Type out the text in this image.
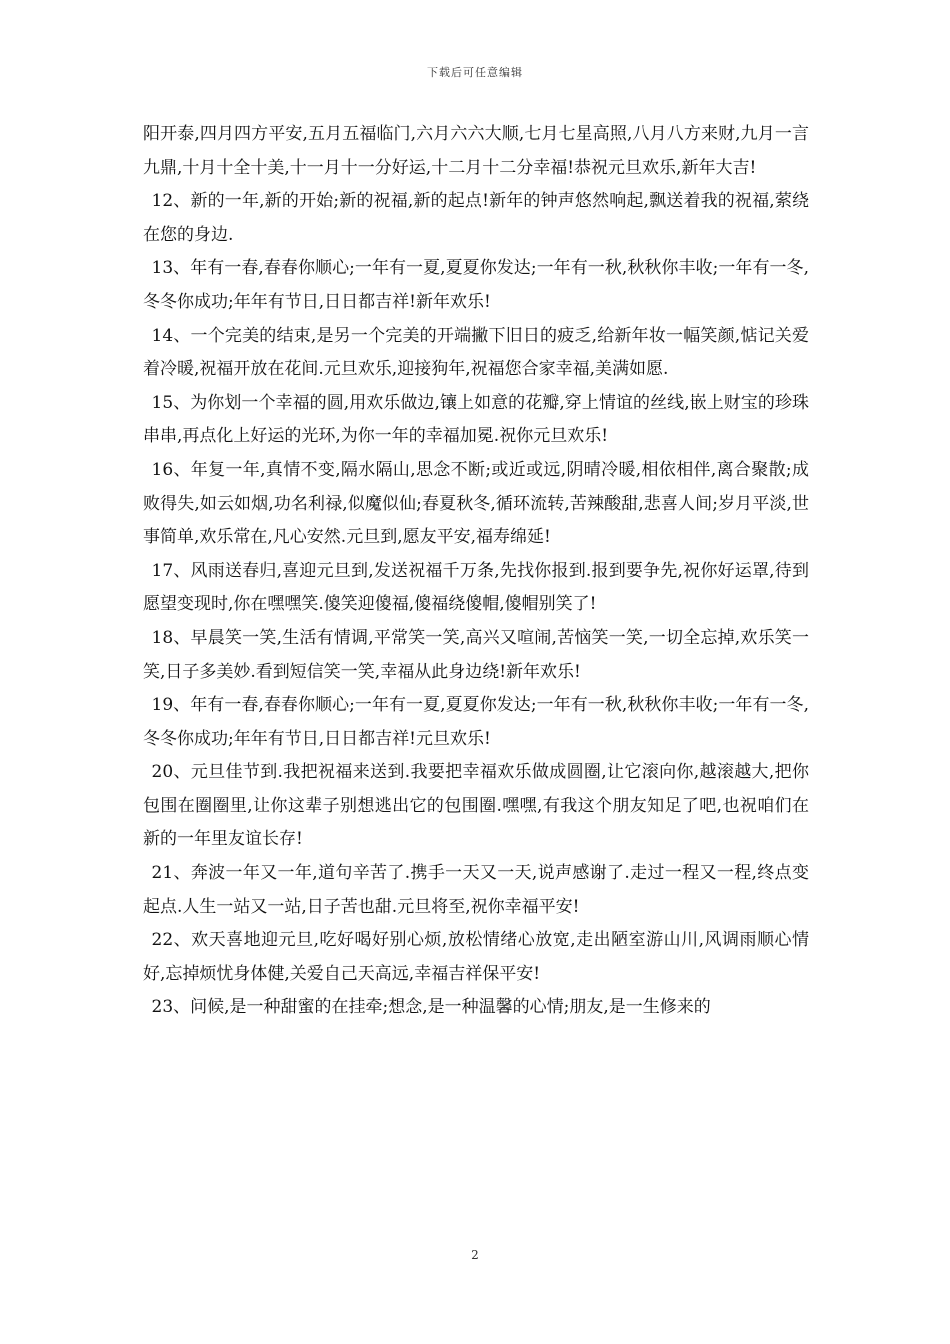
下载后可任意编辑

阳开泰,四月四方平安,五月五福临门,六月六六大顺,七月七星高照,八月八方来财,九月一言九鼎,十月十全十美,十一月十一分好运,十二月十二分幸福!恭祝元旦欢乐,新年大吉!

12、新的一年,新的开始;新的祝福,新的起点!新年的钟声悠然响起,飘送着我的祝福,萦绕在您的身边.

13、年有一春,春春你顺心;一年有一夏,夏夏你发达;一年有一秋,秋秋你丰收;一年有一冬,冬冬你成功;年年有节日,日日都吉祥!新年欢乐!

14、一个完美的结束,是另一个完美的开端撇下旧日的疲乏,给新年妆一幅笑颜,惦记关爱着冷暖,祝福开放在花间.元旦欢乐,迎接狗年,祝福您合家幸福,美满如愿.

15、为你划一个幸福的圆,用欢乐做边,镶上如意的花瓣,穿上情谊的丝线,嵌上财宝的珍珠串串,再点化上好运的光环,为你一年的幸福加冕.祝你元旦欢乐!

16、年复一年,真情不变,隔水隔山,思念不断;或近或远,阴晴冷暖,相依相伴,离合聚散;成败得失,如云如烟,功名利禄,似魔似仙;春夏秋冬,循环流转,苦辣酸甜,悲喜人间;岁月平淡,世事简单,欢乐常在,凡心安然.元旦到,愿友平安,福寿绵延!

17、风雨送春归,喜迎元旦到,发送祝福千万条,先找你报到.报到要争先,祝你好运罩,待到愿望变现时,你在嘿嘿笑.傻笑迎傻福,傻福绕傻帽,傻帽别笑了!

18、早晨笑一笑,生活有情调,平常笑一笑,高兴又喧闹,苦恼笑一笑,一切全忘掉,欢乐笑一笑,日子多美妙.看到短信笑一笑,幸福从此身边绕!新年欢乐!

19、年有一春,春春你顺心;一年有一夏,夏夏你发达;一年有一秋,秋秋你丰收;一年有一冬,冬冬你成功;年年有节日,日日都吉祥!元旦欢乐!

20、元旦佳节到.我把祝福来送到.我要把幸福欢乐做成圆圈,让它滚向你,越滚越大,把你包围在圈圈里,让你这辈子别想逃出它的包围圈.嘿嘿,有我这个朋友知足了吧,也祝咱们在新的一年里友谊长存!

21、奔波一年又一年,道句辛苦了.携手一天又一天,说声感谢了.走过一程又一程,终点变起点.人生一站又一站,日子苦也甜.元旦将至,祝你幸福平安!

22、欢天喜地迎元旦,吃好喝好别心烦,放松情绪心放宽,走出陋室游山川,风调雨顺心情好,忘掉烦忧身体健,关爱自己天高远,幸福吉祥保平安!

23、问候,是一种甜蜜的在挂牵;想念,是一种温馨的心情;朋友,是一生修来的

2
